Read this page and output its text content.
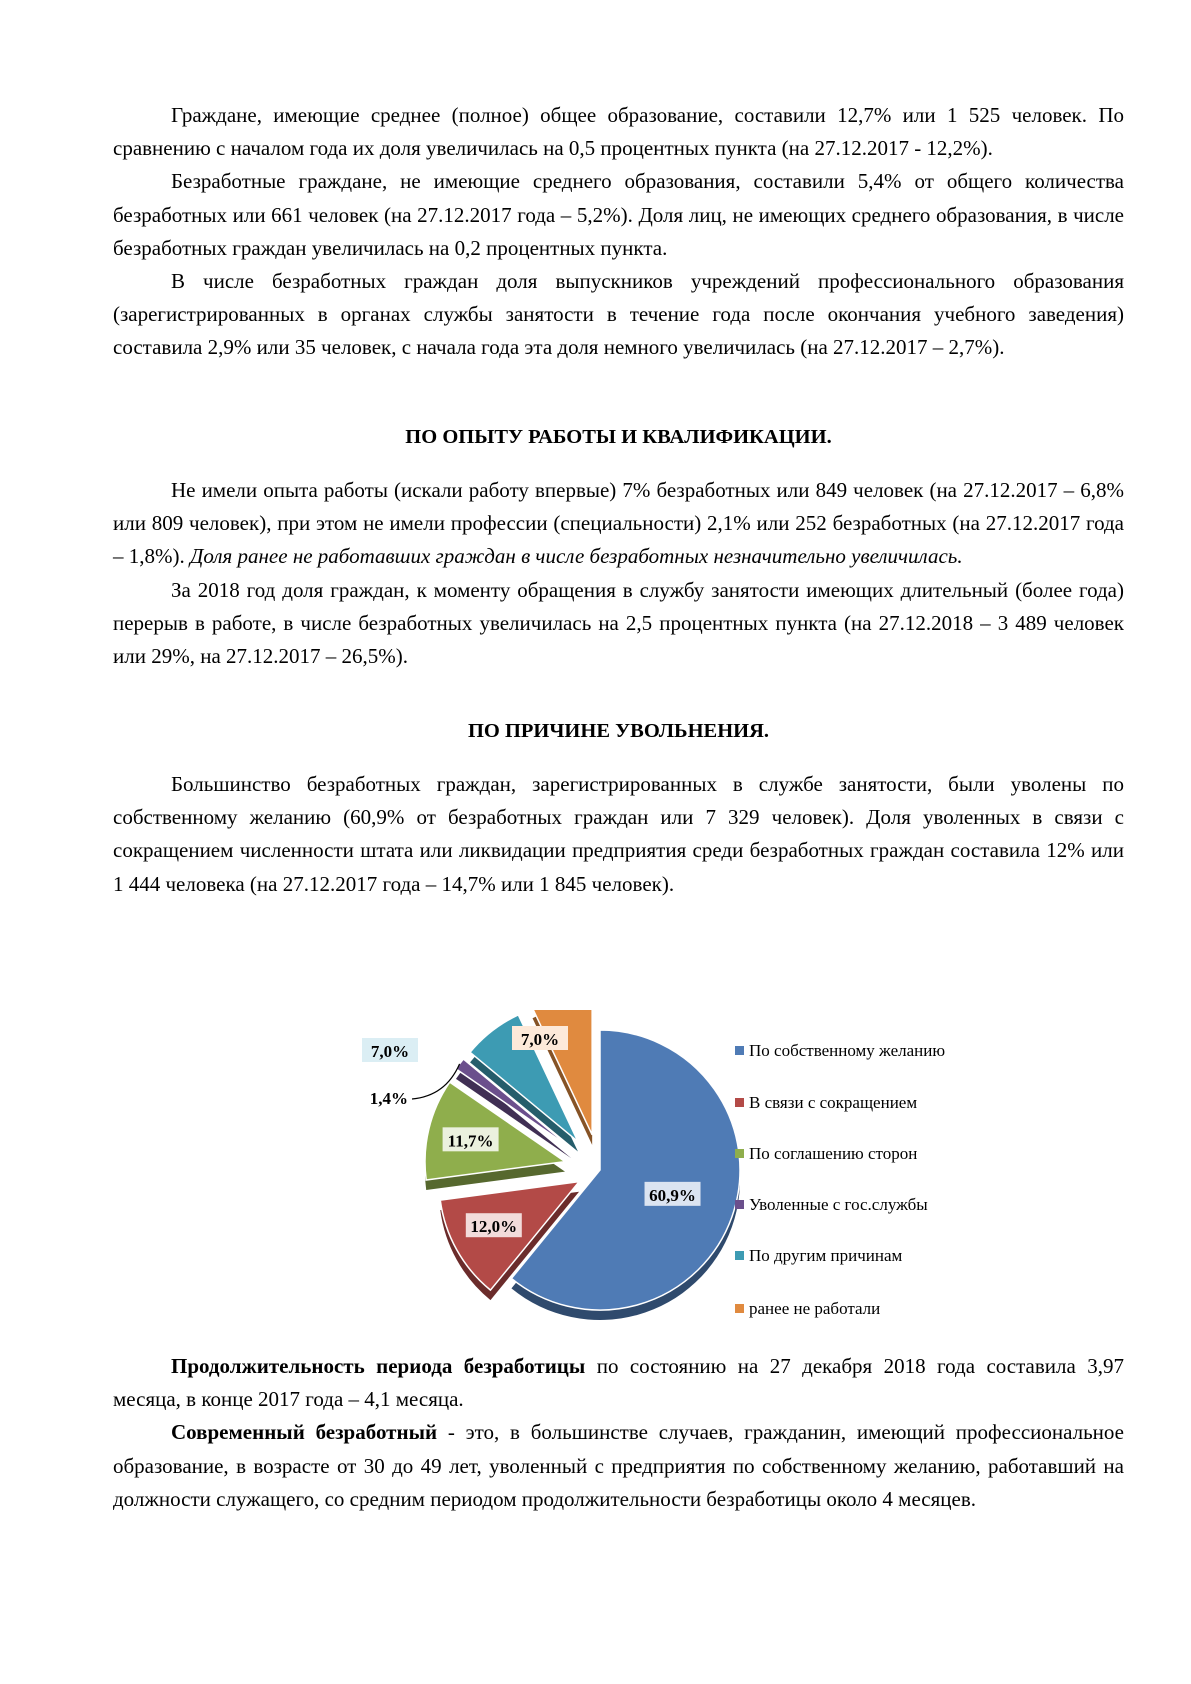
Граждане, имеющие среднее (полное) общее образование, составили 12,7% или 1 525 человек. По сравнению с началом года их доля увеличилась на 0,5 процентных пункта (на 27.12.2017 - 12,2%).

Безработные граждане, не имеющие среднего образования, составили 5,4% от общего количества безработных или 661 человек (на 27.12.2017 года – 5,2%). Доля лиц, не имеющих среднего образования, в числе безработных граждан увеличилась на 0,2 процентных пункта.

В числе безработных граждан доля выпускников учреждений профессионального образования (зарегистрированных в органах службы занятости в течение года после окончания учебного заведения) составила 2,9% или 35 человек, с начала года эта доля немного увеличилась (на 27.12.2017 – 2,7%).

ПО ОПЫТУ РАБОТЫ И КВАЛИФИКАЦИИ.

Не имели опыта работы (искали работу впервые) 7% безработных или 849 человек (на 27.12.2017 – 6,8% или 809 человек), при этом не имели профессии (специальности) 2,1% или 252 безработных (на 27.12.2017 года – 1,8%). Доля ранее не работавших граждан в числе безработных незначительно увеличилась.

За 2018 год доля граждан, к моменту обращения в службу занятости имеющих длительный (более года) перерыв в работе, в числе безработных увеличилась на 2,5 процентных пункта (на 27.12.2018 – 3 489 человек или 29%, на 27.12.2017 – 26,5%).

ПО ПРИЧИНЕ УВОЛЬНЕНИЯ.

Большинство безработных граждан, зарегистрированных в службе занятости, были уволены по собственному желанию (60,9% от безработных граждан или 7 329 человек). Доля уволенных в связи с сокращением численности штата или ликвидации предприятия среди безработных граждан составила 12% или 1 444 человека (на 27.12.2017 года – 14,7% или 1 845 человек).

60,9%
12,0%
11,7%
1,4%
7,0%
7,0%
По собственному желанию
В связи с сокращением
По соглашению сторон
Уволенные с гос.службы
По другим причинам
ранее не работали

Продолжительность периода безработицы по состоянию на 27 декабря 2018 года составила 3,97 месяца, в конце 2017 года – 4,1 месяца.

Современный безработный - это, в большинстве случаев, гражданин, имеющий профессиональное образование, в возрасте от 30 до 49 лет, уволенный с предприятия по собственному желанию, работавший на должности служащего, со средним периодом продолжительности безработицы около 4 месяцев.
